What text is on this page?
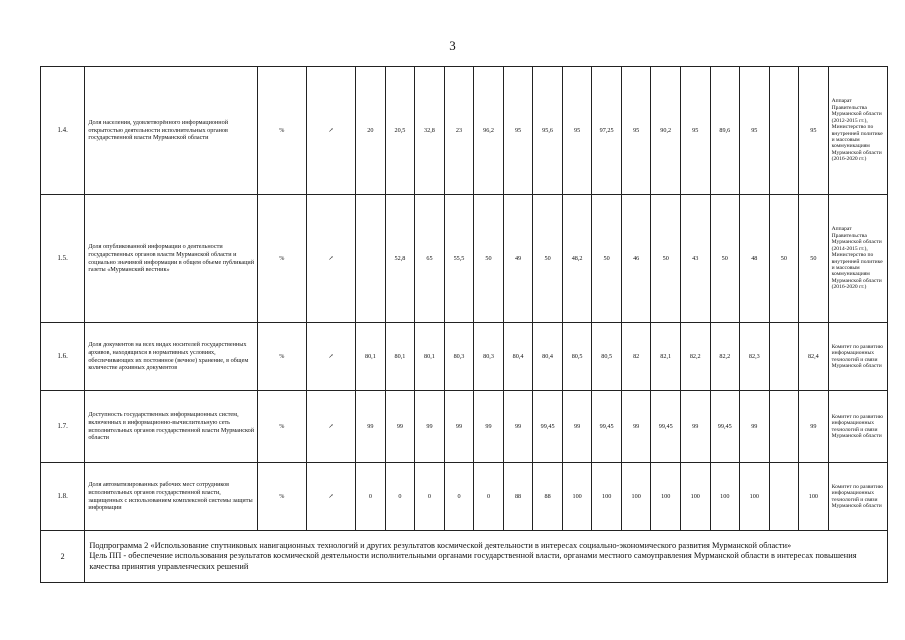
3
1.4.	Доля населения, удовлетворённого информационной открытостью деятельности исполнительных органов государственной власти Мурманской области	%	↗	20	20,5	32,8	23	96,2	95	95,6	95	97,25	95	90,2	95	89,6	95		95	Аппарат Правительства Мурманской области (2012-2015 гг.), Министерство по внутренней политике и массовым коммуникациям Мурманской области (2016-2020 гг.)
1.5.	Доля опубликованной информации о деятельности государственных органов власти Мурманской области и социально значимой информации в общем объеме публикаций газеты «Мурманский вестник»	%	↗		52,8	65	55,5	50	49	50	48,2	50	46	50	43	50	48	50	50	Аппарат Правительства Мурманской области (2014-2015 гг.), Министерство по внутренней политике и массовым коммуникациям Мурманской области (2016-2020 гг.)
1.6.	Доля документов на всех видах носителей государственных архивов, находящихся в нормативных условиях, обеспечивающих их постоянное (вечное) хранение, в общем количестве архивных документов	%	↗	80,1	80,1	80,1	80,3	80,3	80,4	80,4	80,5	80,5	82	82,1	82,2	82,2	82,3		82,4	Комитет по развитию информационных технологий и связи Мурманской области
1.7.	Доступность государственных информационных систем, включенных в информационно-вычислительную сеть исполнительных органов государственной власти Мурманской области	%	↗	99	99	99	99	99	99	99,45	99	99,45	99	99,45	99	99,45	99		99	Комитет по развитию информационных технологий и связи Мурманской области
1.8.	Доля автоматизированных рабочих мест сотрудников исполнительных органов государственной власти, защищенных с использованием комплексной системы защиты информации	%	↗	0	0	0	0	0	88	88	100	100	100	100	100	100	100		100	Комитет по развитию информационных технологий и связи Мурманской области
2	Подпрограмма 2 «Использование спутниковых навигационных технологий и других результатов космической деятельности в интересах социально-экономического развития Мурманской области»
Цель ПП - обеспечение использования результатов космической деятельности исполнительными органами государственной власти, органами местного самоуправления Мурманской области в интересах повышения качества принятия управленческих решений																			
